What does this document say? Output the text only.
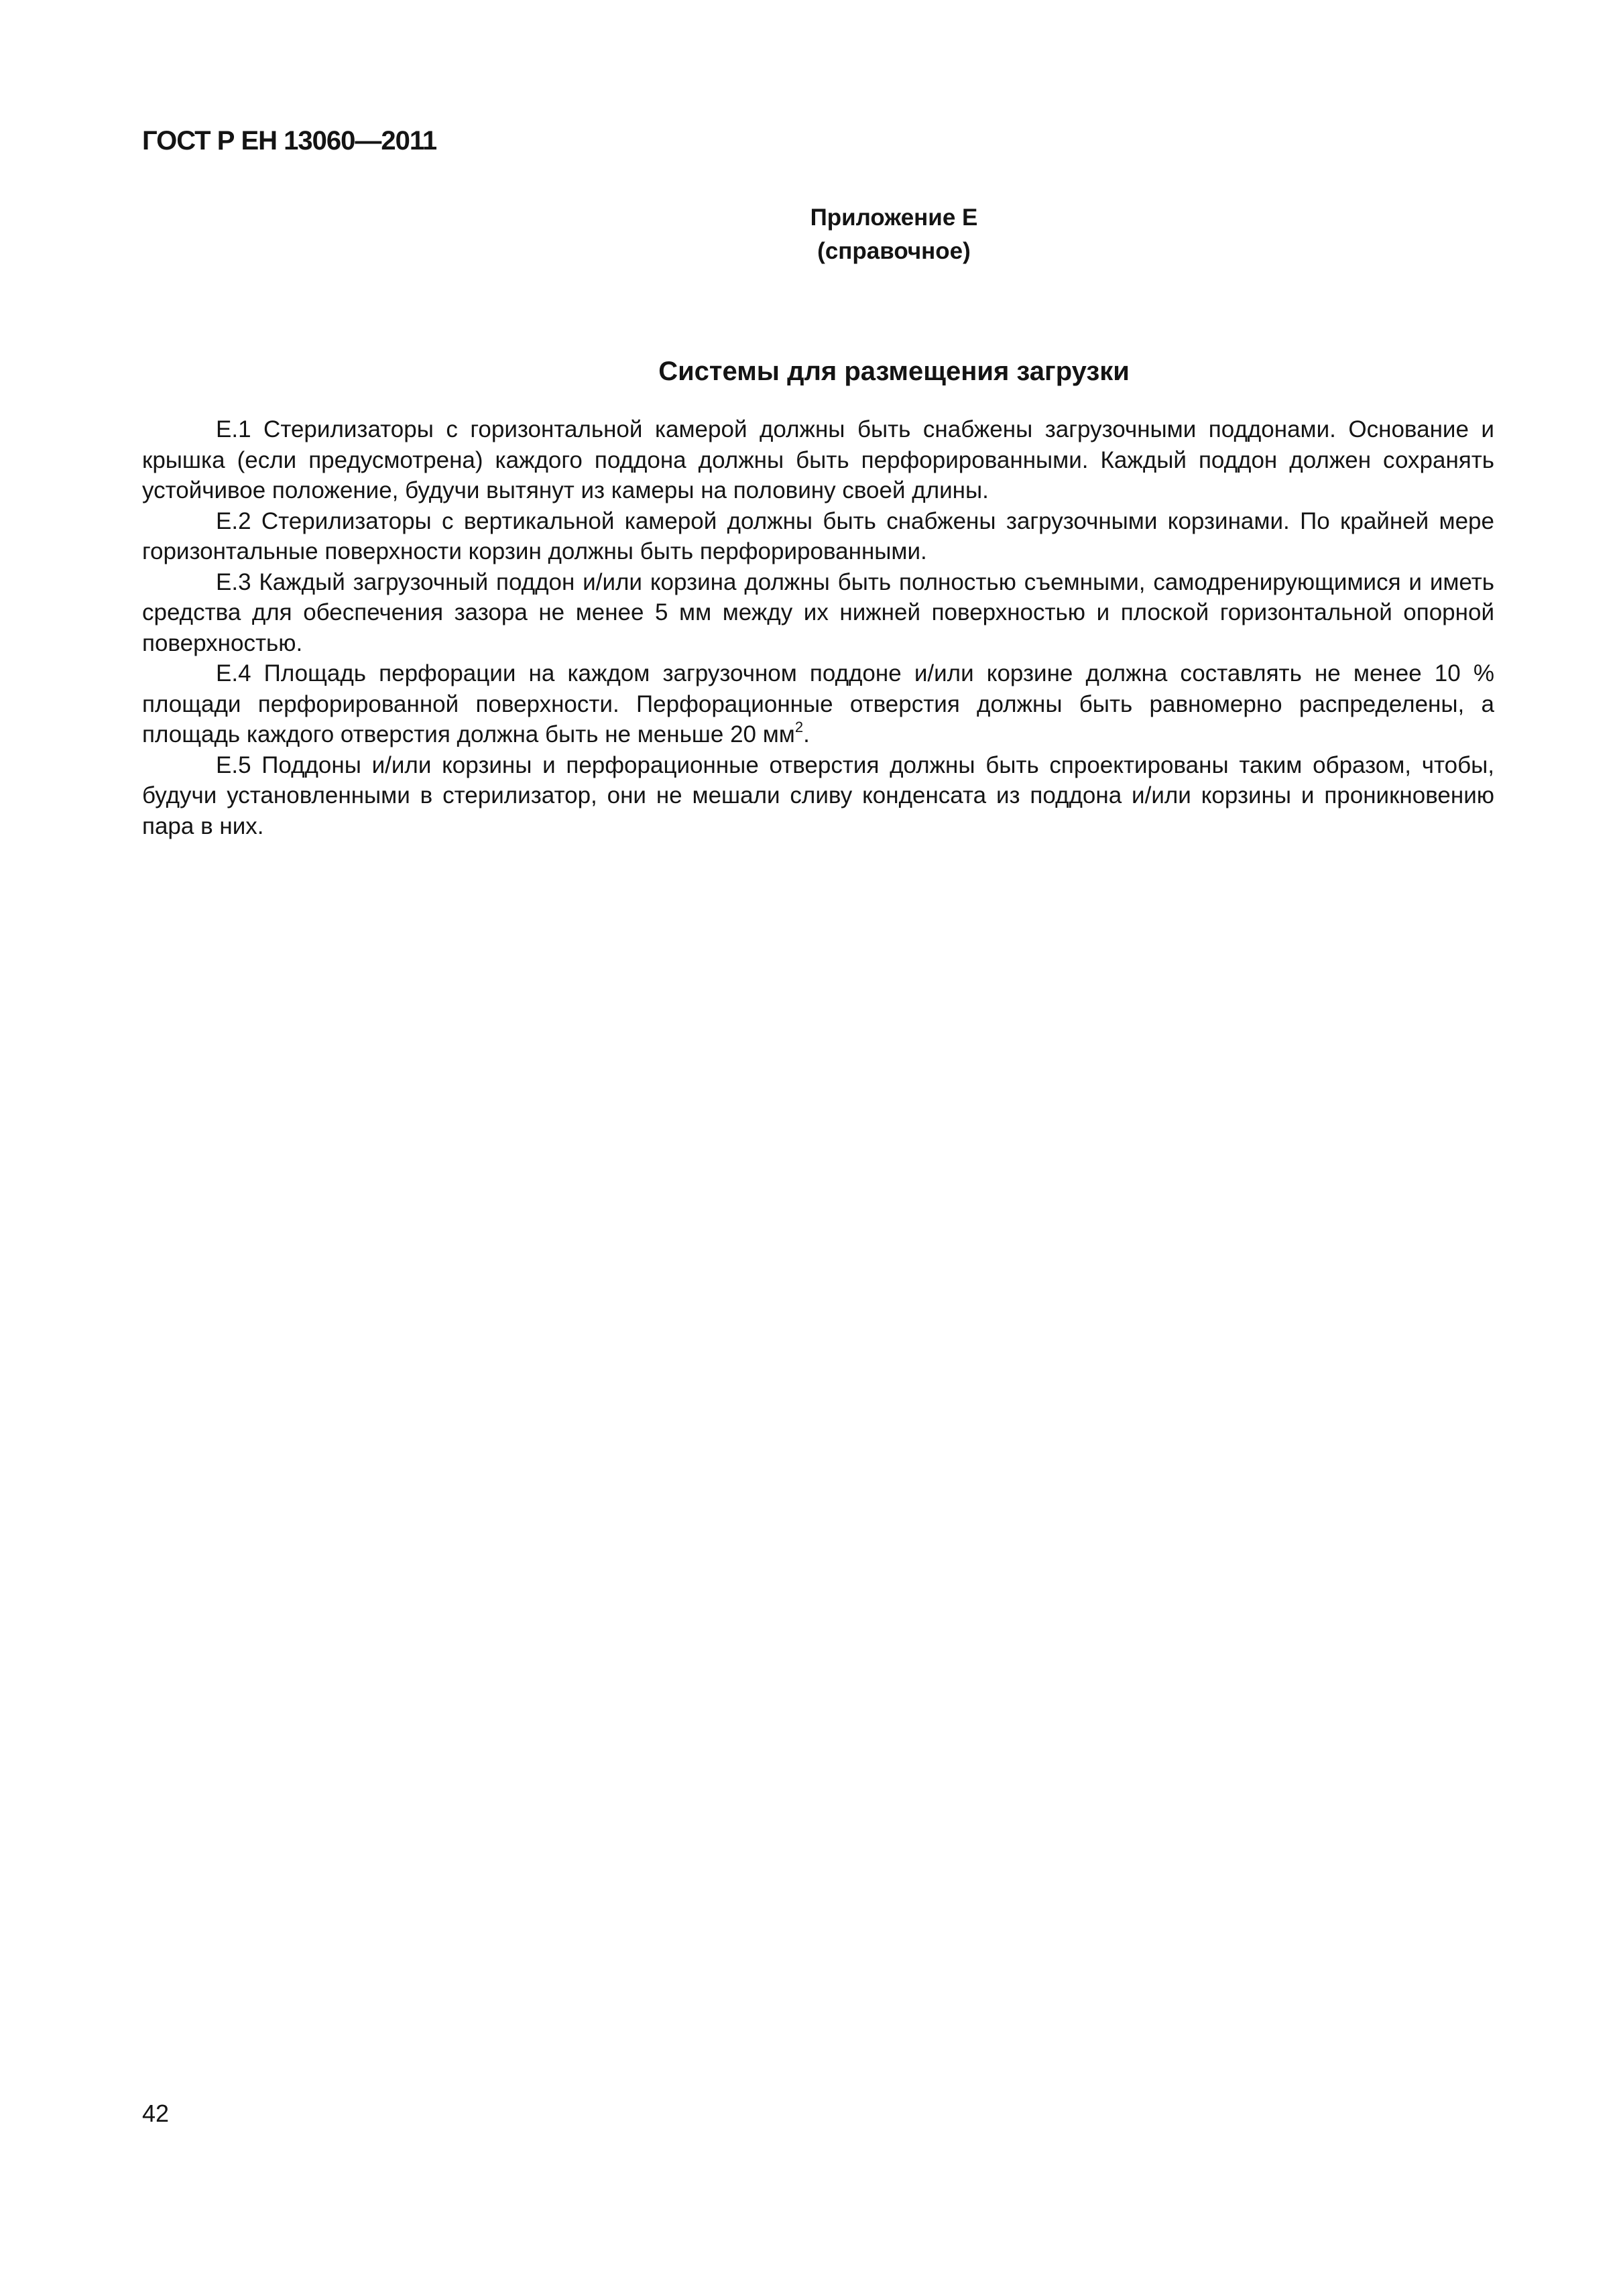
ГОСТ Р ЕН 13060—2011
Приложение Е
(справочное)
Системы для размещения загрузки

Е.1 Стерилизаторы с горизонтальной камерой должны быть снабжены загрузочными поддонами. Основание и крышка (если предусмотрена) каждого поддона должны быть перфорированными. Каждый поддон должен сохранять устойчивое положение, будучи вытянут из камеры на половину своей длины.

Е.2 Стерилизаторы с вертикальной камерой должны быть снабжены загрузочными корзинами. По крайней мере горизонтальные поверхности корзин должны быть перфорированными.

Е.3 Каждый загрузочный поддон и/или корзина должны быть полностью съемными, самодренирующимися и иметь средства для обеспечения зазора не менее 5 мм между их нижней поверхностью и плоской горизонтальной опорной поверхностью.

Е.4 Площадь перфорации на каждом загрузочном поддоне и/или корзине должна составлять не менее 10 % площади перфорированной поверхности. Перфорационные отверстия должны быть равномерно распределены, а площадь каждого отверстия должна быть не меньше 20 $мм^2$.

Е.5 Поддоны и/или корзины и перфорационные отверстия должны быть спроектированы таким образом, чтобы, будучи установленными в стерилизатор, они не мешали сливу конденсата из поддона и/или корзины и проникновению пара в них.

42
